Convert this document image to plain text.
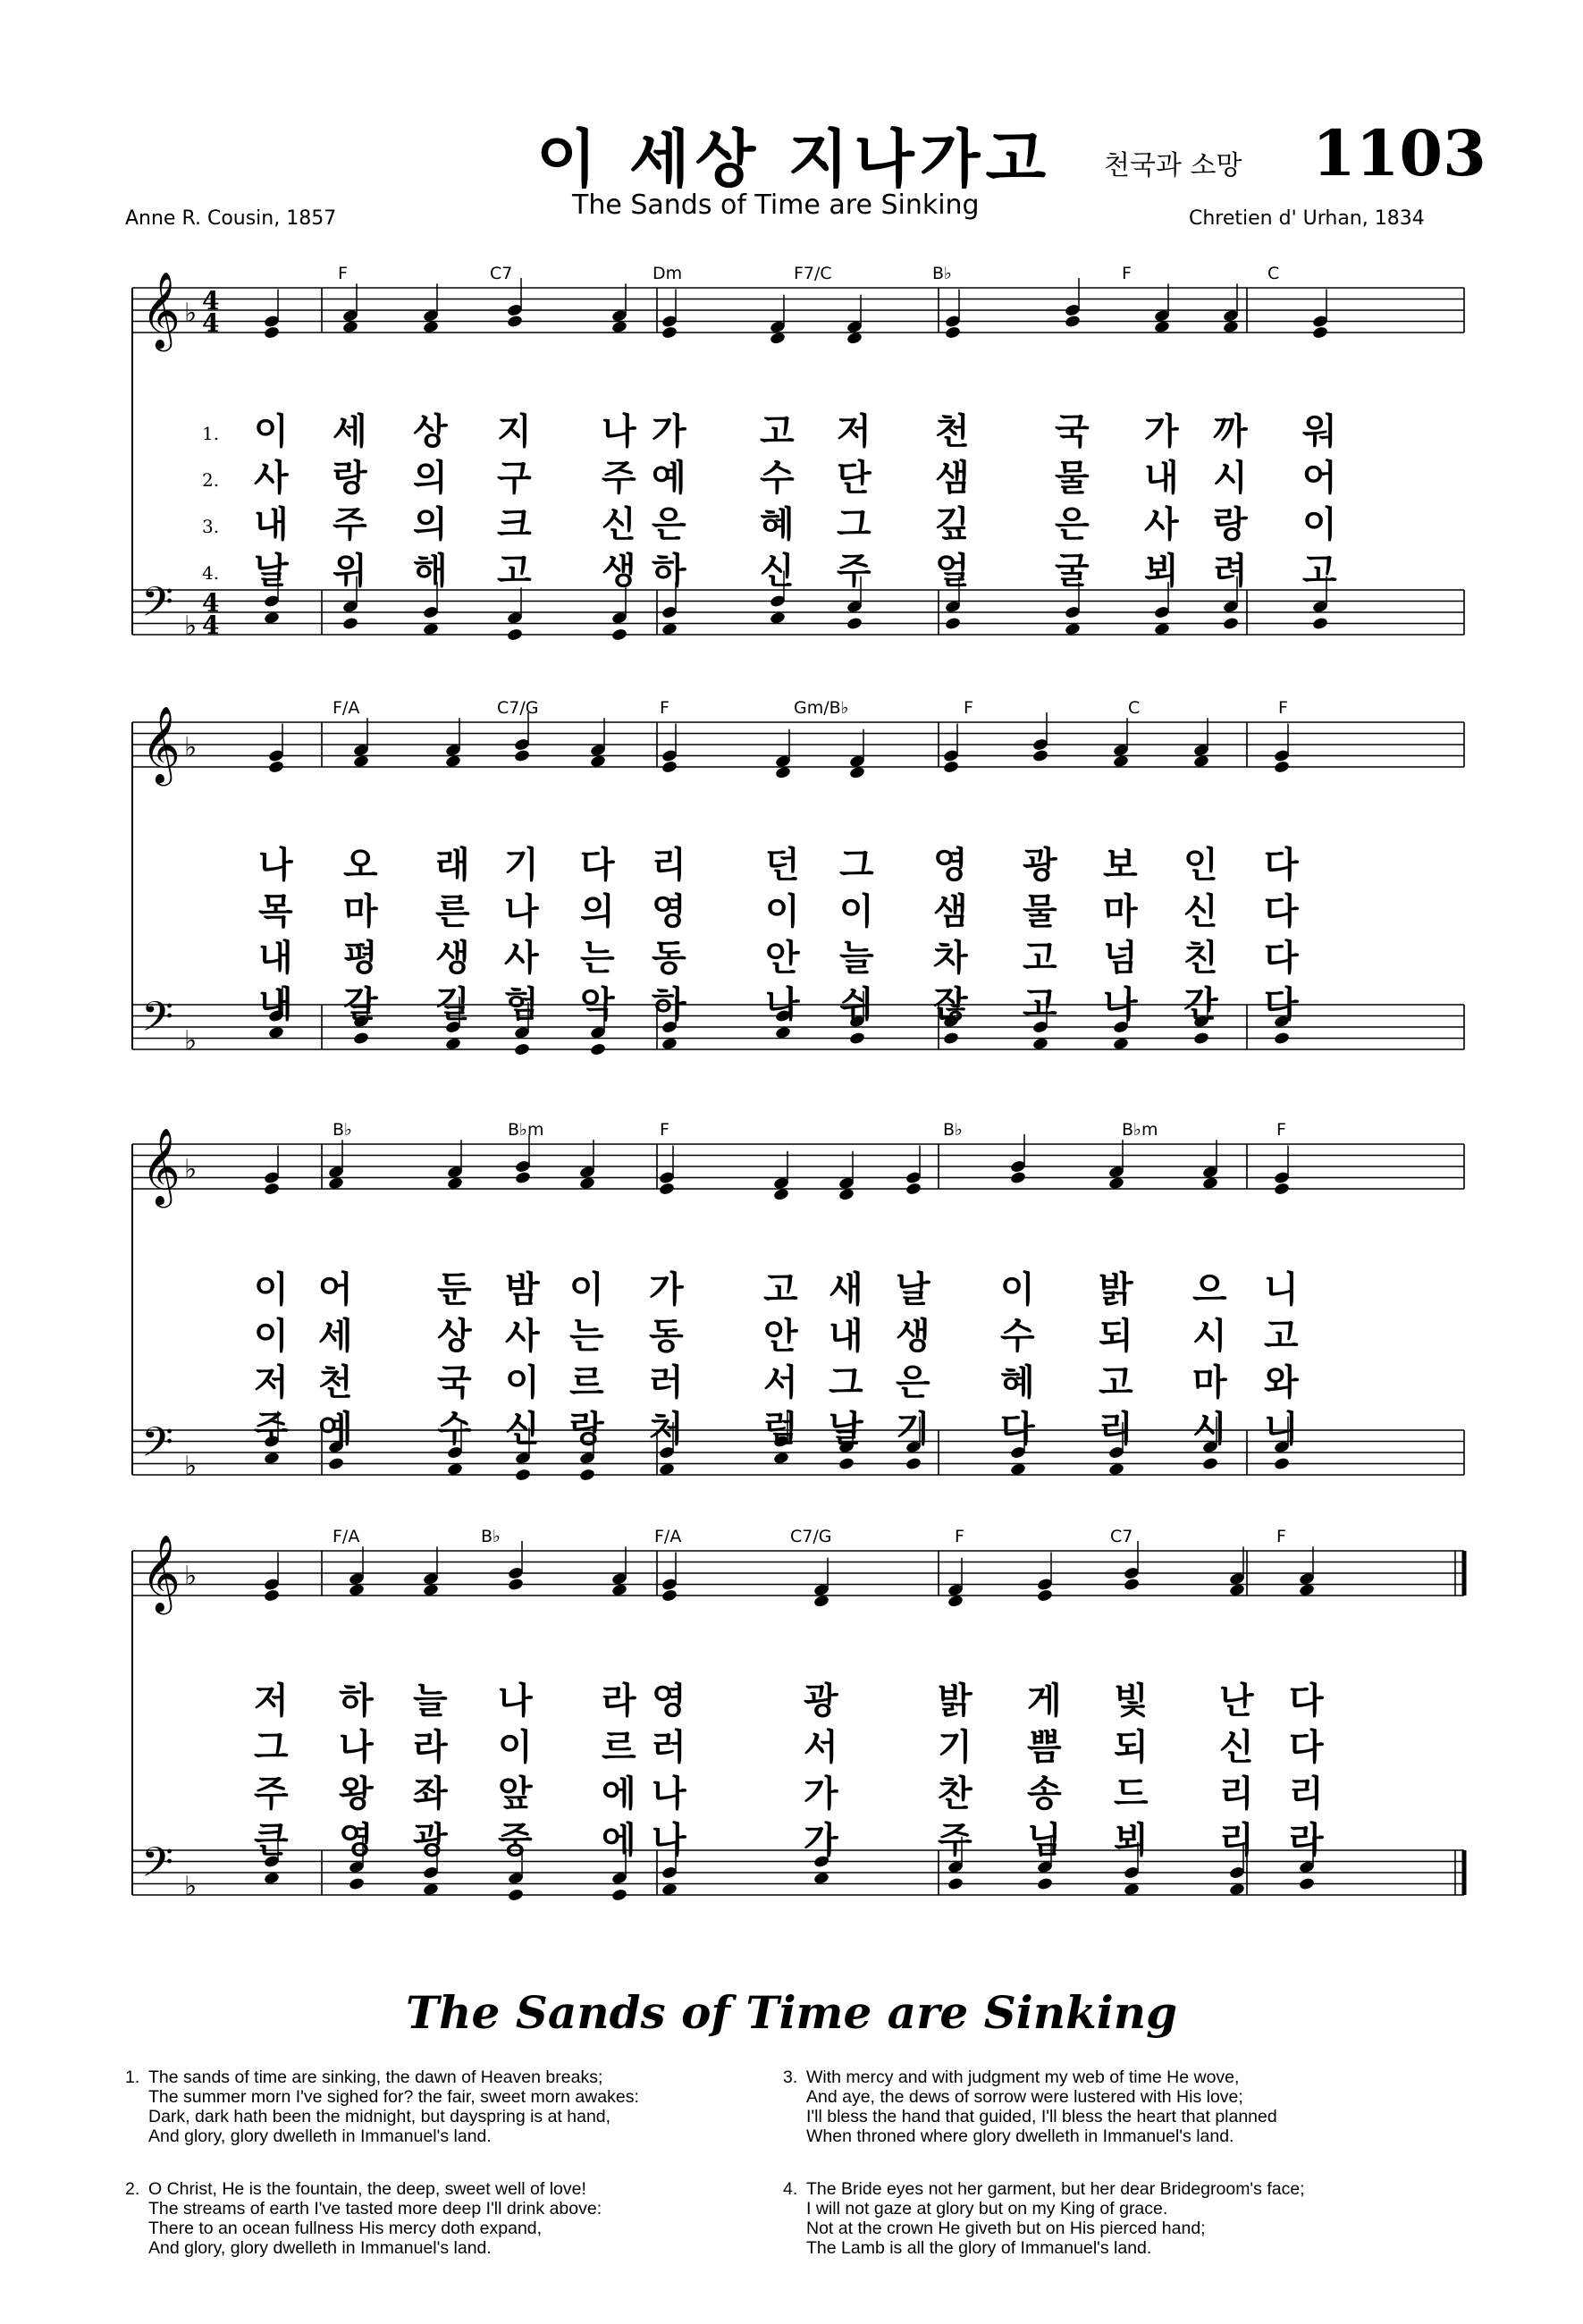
이 세상 지나가고 천국과 소망 1103
The Sands of Time are Sinking
Anne R. Cousin, 1857	Chretien d' Urhan, 1834
𝄞
𝄢
♭
♭
4
4
4
4
F	C7	Dm	F7/C	B♭	F	C
1.
2.
3.
4.
이 세 상 지 나 가 고 저 천 국 가 까 워
사 랑 의 구 주 예 수 단 샘 물 내 시 어
내 주 의 크 신 은 혜 그 깊 은 사 랑 이
날 위 해 고 생 하 신 주 얼 굴 뵈 려 고
𝄞
𝄢
♭
♭
F/A	C7/G	F	Gm/B♭	F	C	F
나 오 래 기 다 리 던 그 영 광 보 인 다
목 마 른 나 의 영 이 이 샘 물 마 신 다
내 평 생 사 는 동 안 늘 차 고 넘 친 다
내 갈 길 험 악 하 나 쉬 잖 고 나 간 다
𝄞
𝄢
♭
♭
B♭	B♭m	F	B♭	B♭m	F
이 어 둔 밤 이 가 고 새 날 이 밝 으 니
이 세 상 사 는 동 안 내 생 수 되 시 고
저 천 국 이 르 러 서 그 은 혜 고 마 와
주 예 수 신 랑 처 럼 날 기 다 리 시 니
𝄞
𝄢
♭
♭
F/A	B♭	F/A	C7/G	F	C7	F
저 하 늘 나 라 영	광	밝 게 빛 난 다
그 나 라 이 르 러	서	기 쁨 되 신 다
주 왕 좌 앞 에 나	가	찬 송 드 리 리
큰 영 광 중 에 나	가	주 님 뵈 리 라
The Sands of Time are Sinking
1. The sands of time are sinking, the dawn of Heaven breaks;
The summer morn I've sighed for? the fair, sweet morn awakes:
Dark, dark hath been the midnight, but dayspring is at hand,
And glory, glory dwelleth in Immanuel's land.
2. O Christ, He is the fountain, the deep, sweet well of love!
The streams of earth I've tasted more deep I'll drink above:
There to an ocean fullness His mercy doth expand,
And glory, glory dwelleth in Immanuel's land.
3. With mercy and with judgment my web of time He wove,
And aye, the dews of sorrow were lustered with His love;
I'll bless the hand that guided, I'll bless the heart that planned
When throned where glory dwelleth in Immanuel's land.
4. The Bride eyes not her garment, but her dear Bridegroom's face;
I will not gaze at glory but on my King of grace.
Not at the crown He giveth but on His pierced hand;
The Lamb is all the glory of Immanuel's land.
